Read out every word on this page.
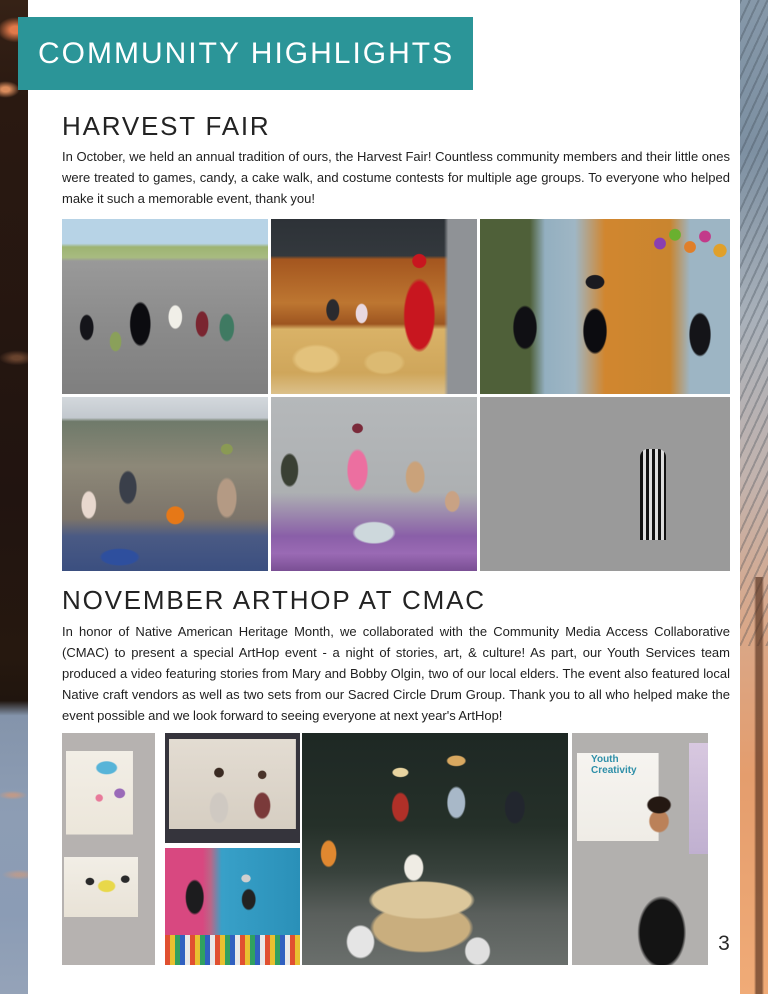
COMMUNITY HIGHLIGHTS
HARVEST FAIR

In October, we held an annual tradition of ours, the Harvest Fair! Countless community members and their little ones were treated to games, candy, a cake walk, and costume contests for multiple age groups. To everyone who helped make it such a memorable event, thank you!

NOVEMBER ARTHOP AT CMAC

In honor of Native American Heritage Month, we collaborated with the Community Media Access Collaborative (CMAC) to present a special ArtHop event - a night of stories, art, & culture! As part, our Youth Services team produced a video featuring stories from Mary and Bobby Olgin, two of our local elders. The event also featured local Native craft vendors as well as two sets from our Sacred Circle Drum Group. Thank you to all who helped make the event possible and we look forward to seeing everyone at next year's ArtHop!

Youth Creativity
3
